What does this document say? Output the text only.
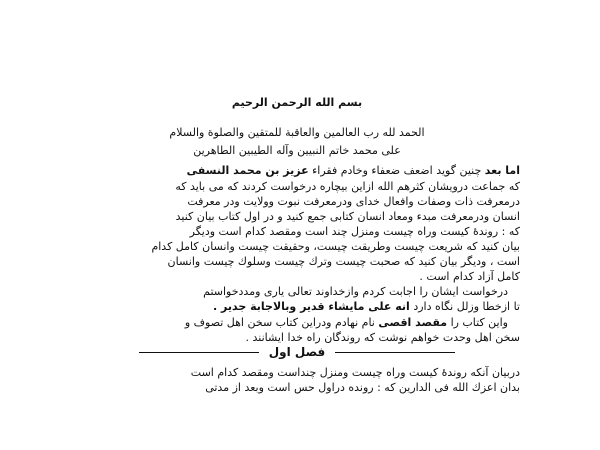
بسم الله الرحمن الرحيم
الحمد لله رب العالمين والعاقبة للمتقين والصلوة والسلام
على محمد خاتم النبيين وآله الطيبين الطاهرين
اما بعد چنين گويد اضعف ضعفاء وخادم فقراء عزيز بن محمد النسفی
كه جماعت درويشان كثرهم الله ازاين بيچاره درخواست كردند كه می بايد كه
درمعرفت ذات وصفات وافعال خدای ودرمعرفت نبوت وولايت ودر معرفت
انسان ودرمعرفت مبدء ومعاد انسان كتابی جمع كنيد و در اول كتاب بيان كنيد
كه : روندهٔ كيست وراه چيست ومنزل چند است ومقصد كدام است وديگر
بيان كنيد كه شريعت چيست وطريقت چيست، وحقيقت چيست وانسان كامل كدام
است ، وديگر بيان كنيد كه صحبت چيست وترك چيست وسلوك چيست وانسان
كامل آزاد كدام است .
درخواست ايشان را اجابت كردم وازخداوند تعالی ياری ومددخواستم
تا ازخطا وزلل نگاه دارد انه على مايشاء قدير وبالاجابة جدير .
واين كتاب را مقصد اقصى نام نهادم ودراين كتاب سخن اهل تصوف و
سخن اهل وحدت خواهم نوشت كه روندگان راه خدا ايشانند .
فصل اول
دربيان آنكه روندهٔ كيست وراه چيست ومنزل چنداست ومقصد كدام است
بدان اعزك الله فی الدارين كه : رونده دراول حس است وبعد از مدتی
